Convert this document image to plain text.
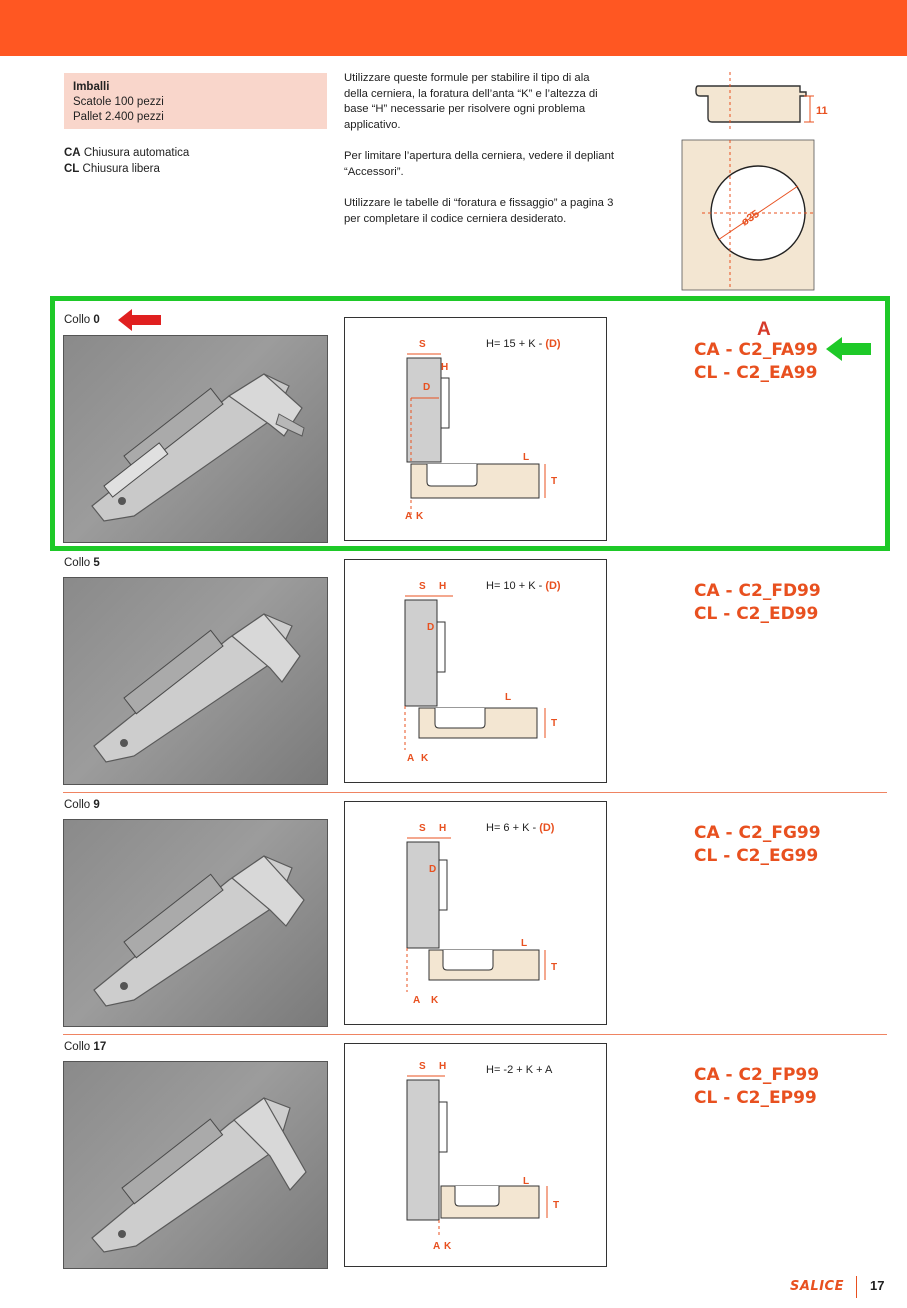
Imballi
Scatole 100 pezzi
Pallet 2.400 pezzi
CA Chiusura automatica
CL Chiusura libera

Utilizzare queste formule per stabilire il tipo di ala della cerniera, la foratura dell’anta “K” e l’altezza di base “H” necessarie per risolvere ogni problema applicativo.

Per limitare l’apertura della cerniera, vedere il depliant “Accessori”.

Utilizzare le tabelle di “foratura e fissaggio” a pagina 3 per completare il codice cerniera desiderato.

11
ø35
A
Collo 0
S
H
D
L
T
A K
H= 15 + K - (D)	CA - C2_FA99
CL - C2_EA99
Collo 5
S H
D
L
T
A K
H= 10 + K - (D)	CA - C2_FD99
CL - C2_ED99
Collo 9
S H
D
L
T
A K
H= 6 + K - (D)	CA - C2_FG99
CL - C2_EG99
Collo 17
S H
L
T
A K
H= -2 + K + A	CA - C2_FP99
CL - C2_EP99
SALICE 17
